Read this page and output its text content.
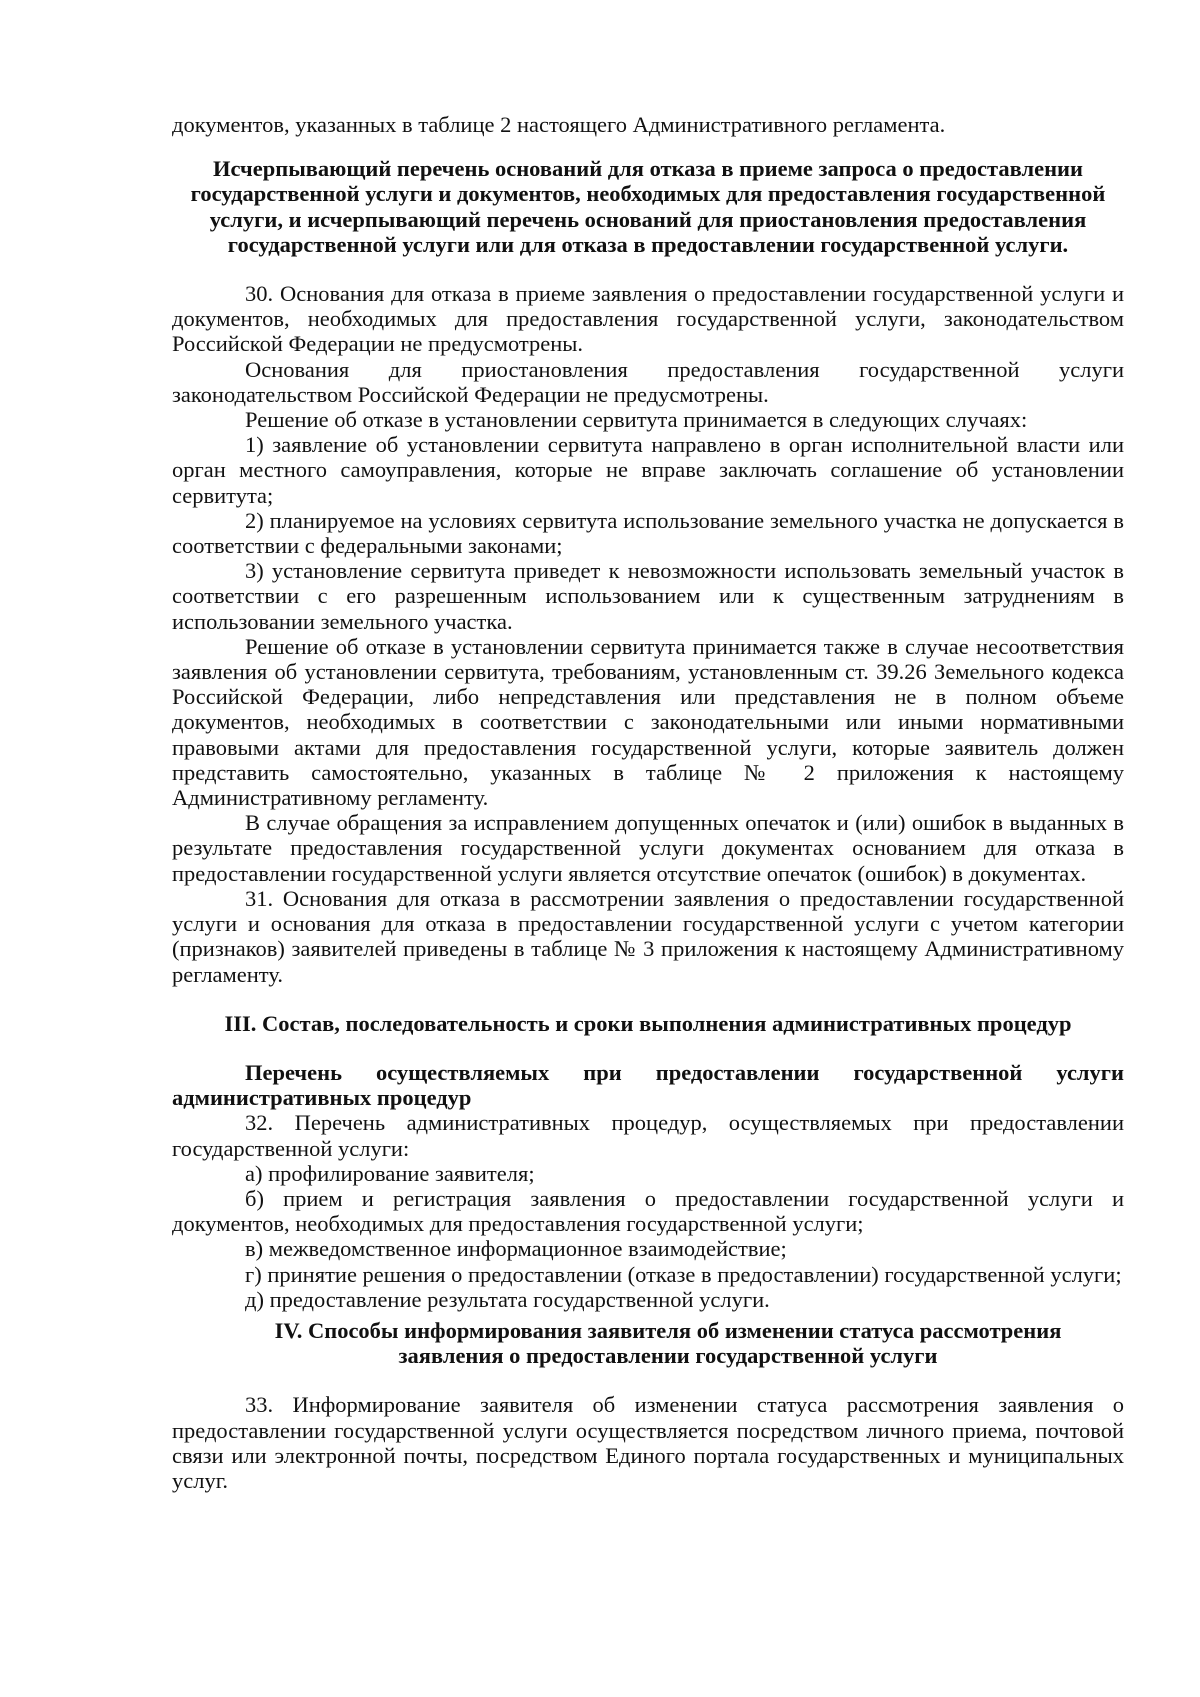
документов, указанных в таблице 2 настоящего Административного регламента.

Исчерпывающий перечень оснований для отказа в приеме запроса о предоставлении государственной услуги и документов, необходимых для предоставления государственной услуги, и исчерпывающий перечень оснований для приостановления предоставления государственной услуги или для отказа в предоставлении государственной услуги.

30. Основания для отказа в приеме заявления о предоставлении государственной услуги и документов, необходимых для предоставления государственной услуги, законодательством Российской Федерации не предусмотрены.

Основания для приостановления предоставления государственной услуги законодательством Российской Федерации не предусмотрены.

Решение об отказе в установлении сервитута принимается в следующих случаях:

1) заявление об установлении сервитута направлено в орган исполнительной власти или орган местного самоуправления, которые не вправе заключать соглашение об установлении сервитута;

2) планируемое на условиях сервитута использование земельного участка не допускается в соответствии с федеральными законами;

3) установление сервитута приведет к невозможности использовать земельный участок в соответствии с его разрешенным использованием или к существенным затруднениям в использовании земельного участка.

Решение об отказе в установлении сервитута принимается также в случае несоответствия заявления об установлении сервитута, требованиям, установленным ст. 39.26 Земельного кодекса Российской Федерации, либо непредставления или представления не в полном объеме документов, необходимых в соответствии с законодательными или иными нормативными правовыми актами для предоставления государственной услуги, которые заявитель должен представить самостоятельно, указанных в таблице № 2 приложения к настоящему Административному регламенту.

В случае обращения за исправлением допущенных опечаток и (или) ошибок в выданных в результате предоставления государственной услуги документах основанием для отказа в предоставлении государственной услуги является отсутствие опечаток (ошибок) в документах.

31. Основания для отказа в рассмотрении заявления о предоставлении государственной услуги и основания для отказа в предоставлении государственной услуги с учетом категории (признаков) заявителей приведены в таблице № 3 приложения к настоящему Административному регламенту.

III. Состав, последовательность и сроки выполнения административных процедур

Перечень осуществляемых при предоставлении государственной услуги административных процедур

32. Перечень административных процедур, осуществляемых при предоставлении государственной услуги:

а) профилирование заявителя;

б) прием и регистрация заявления о предоставлении государственной услуги и документов, необходимых для предоставления государственной услуги;

в) межведомственное информационное взаимодействие;

г) принятие решения о предоставлении (отказе в предоставлении) государственной услуги;

д) предоставление результата государственной услуги.

IV. Способы информирования заявителя об изменении статуса рассмотрения заявления о предоставлении государственной услуги

33. Информирование заявителя об изменении статуса рассмотрения заявления о предоставлении государственной услуги осуществляется посредством личного приема, почтовой связи или электронной почты, посредством Единого портала государственных и муниципальных услуг.
